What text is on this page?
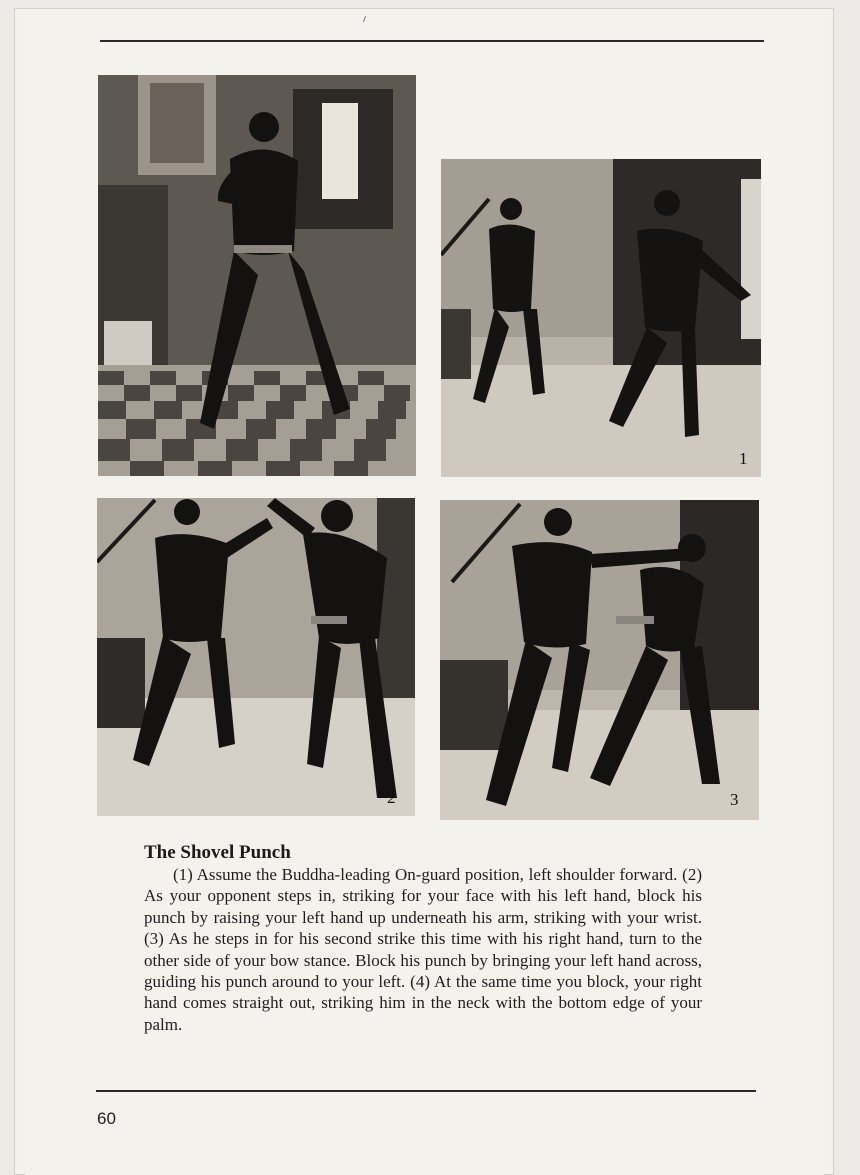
1
2	3
The Shovel Punch
(1) Assume the Buddha-leading On-guard position, left shoulder forward. (2) As your opponent steps in, striking for your face with his left hand, block his punch by raising your left hand up underneath his arm, striking with your wrist. (3) As he steps in for his second strike this time with his right hand, turn to the other side of your bow stance. Block his punch by bringing your left hand across, guiding his punch around to your left. (4) At the same time you block, your right hand comes straight out, striking him in the neck with the bottom edge of your palm.
60
